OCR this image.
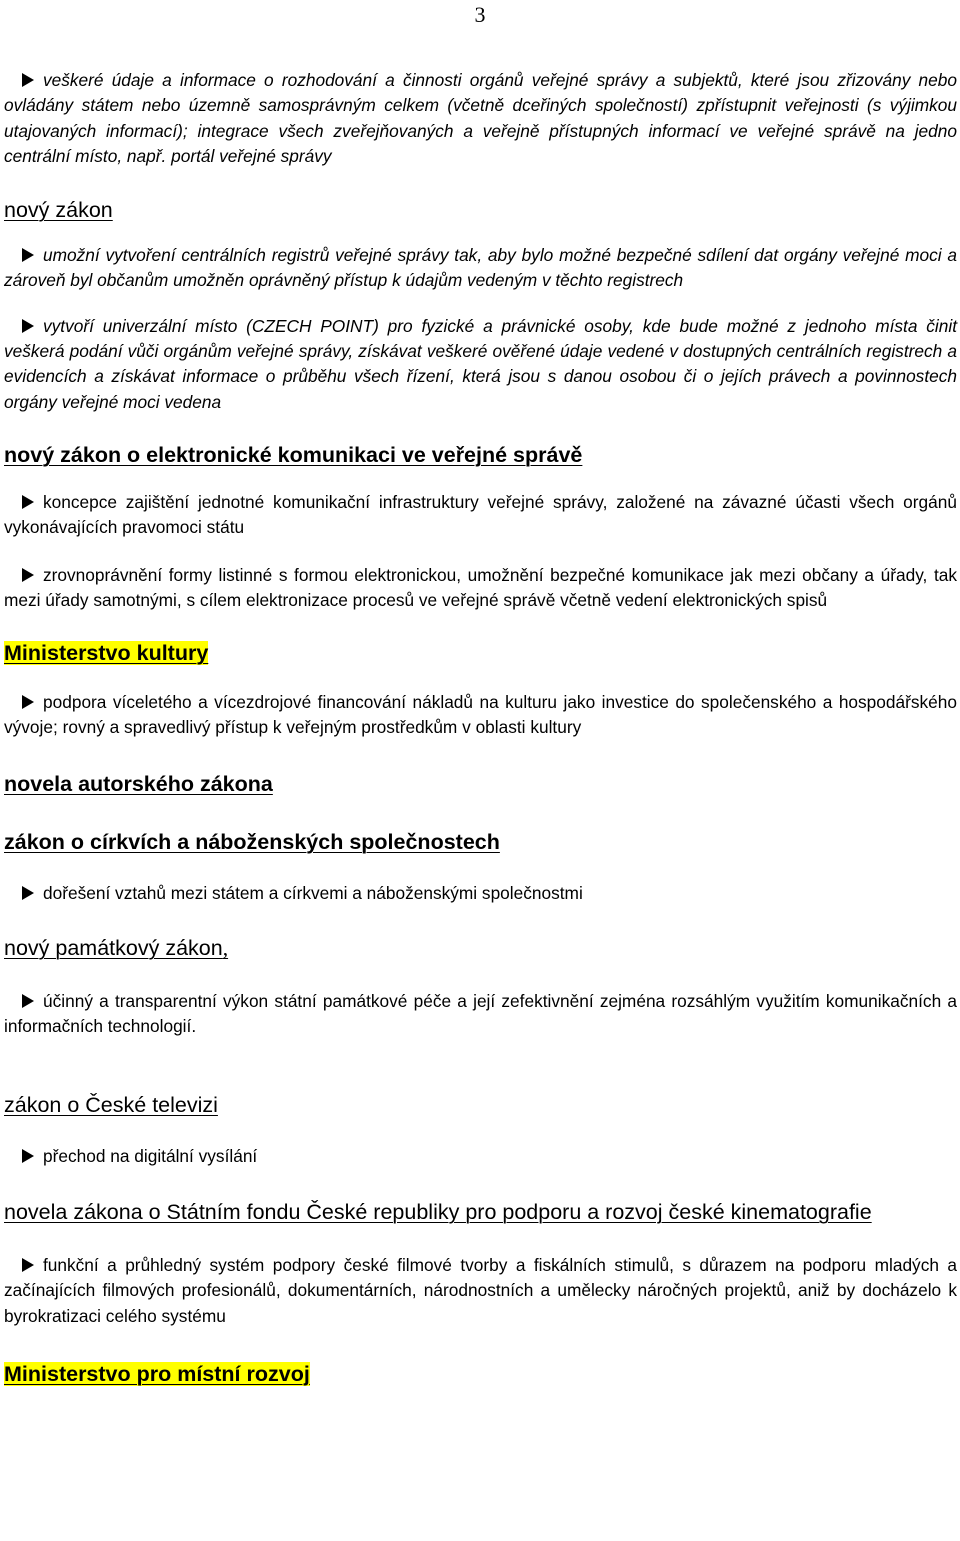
3

veškeré údaje a informace o rozhodování a činnosti orgánů veřejné správy a subjektů, které jsou zřizovány nebo ovládány státem nebo územně samosprávným celkem (včetně dceřiných společností) zpřístupnit veřejnosti (s výjimkou utajovaných informací); integrace všech zveřejňovaných a veřejně přístupných informací ve veřejné správě na jedno centrální místo, např. portál veřejné správy

nový zákon

umožní vytvoření centrálních registrů veřejné správy tak, aby bylo možné bezpečné sdílení dat orgány veřejné moci a zároveň byl občanům umožněn oprávněný přístup k údajům vedeným v těchto registrech

vytvoří univerzální místo (CZECH POINT) pro fyzické a právnické osoby, kde bude možné z jednoho místa činit veškerá podání vůči orgánům veřejné správy, získávat veškeré ověřené údaje vedené v dostupných centrálních registrech a evidencích a získávat informace o průběhu všech řízení, která jsou s danou osobou či o jejích právech a povinnostech orgány veřejné moci vedena

nový zákon o elektronické komunikaci ve veřejné správě

koncepce zajištění jednotné komunikační infrastruktury veřejné správy, založené na závazné účasti všech orgánů vykonávajících pravomoci státu

zrovnoprávnění formy listinné s formou elektronickou, umožnění bezpečné komunikace jak mezi občany a úřady, tak mezi úřady samotnými, s cílem elektronizace procesů ve veřejné správě včetně vedení elektronických spisů

Ministerstvo kultury

podpora víceletého a vícezdrojové financování nákladů na kulturu jako investice do společenského a hospodářského vývoje; rovný a spravedlivý přístup k veřejným prostředkům v oblasti kultury

novela autorského zákona
zákon o církvích a náboženských společnostech

dořešení vztahů mezi státem a církvemi a náboženskými společnostmi

nový památkový zákon,

účinný a transparentní výkon státní památkové péče a její zefektivnění zejména rozsáhlým využitím komunikačních a informačních technologií.

zákon o České televizi

přechod na digitální vysílání

novela zákona o Státním fondu České republiky pro podporu a rozvoj české kinematografie

funkční a průhledný systém podpory české filmové tvorby a fiskálních stimulů, s důrazem na podporu mladých a začínajících filmových profesionálů, dokumentárních, národnostních a umělecky náročných projektů, aniž by docházelo k byrokratizaci celého systému

Ministerstvo pro místní rozvoj
